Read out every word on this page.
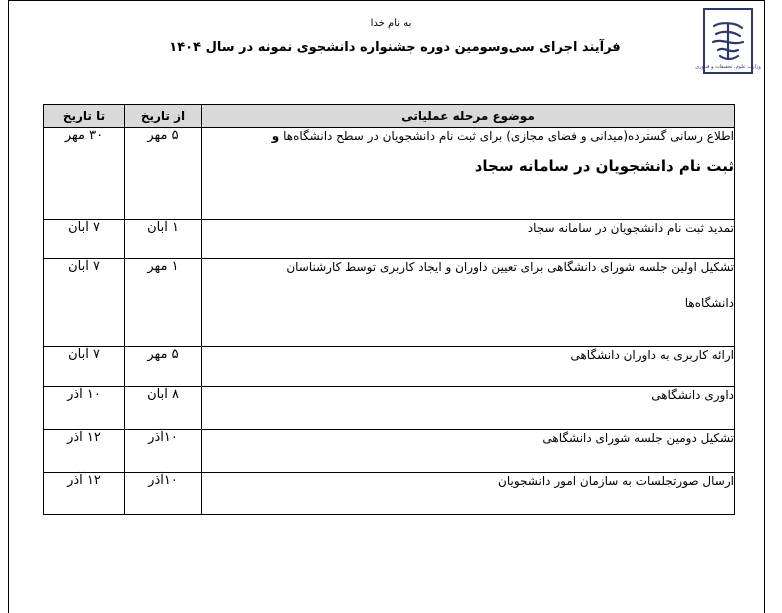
وزارت علوم، تحقیقات و فناوری
به نام خدا
فرآیند اجرای سی‌وسومین دوره جشنواره دانشجوی نمونه در سال ۱۴۰۴
موضوع مرحله عملیاتی	از تاریخ	تا تاریخ
اطلاع رسانی گسترده(میدانی و فضای مجازی) برای ثبت نام دانشجویان در سطح دانشگاه‌ها و
ثبت نام دانشجویان در سامانه سجاد	۵ مهر	۳۰ مهر
تمدید ثبت نام دانشجویان در سامانه سجاد	۱ آبان	۷ آبان
تشکیل اولین جلسه شورای دانشگاهی برای تعیین داوران و ایجاد کاربری توسط کارشناسان
دانشگاه‌ها	۱ مهر	۷ آبان
ارائه کاربری به داوران دانشگاهی	۵ مهر	۷ آبان
داوری دانشگاهی	۸ آبان	۱۰ آذر
تشکیل دومین جلسه شورای دانشگاهی	۱۰آذر	۱۲ آذر
ارسال صورتجلسات به سازمان امور دانشجویان	۱۰آذر	۱۲ آذر
